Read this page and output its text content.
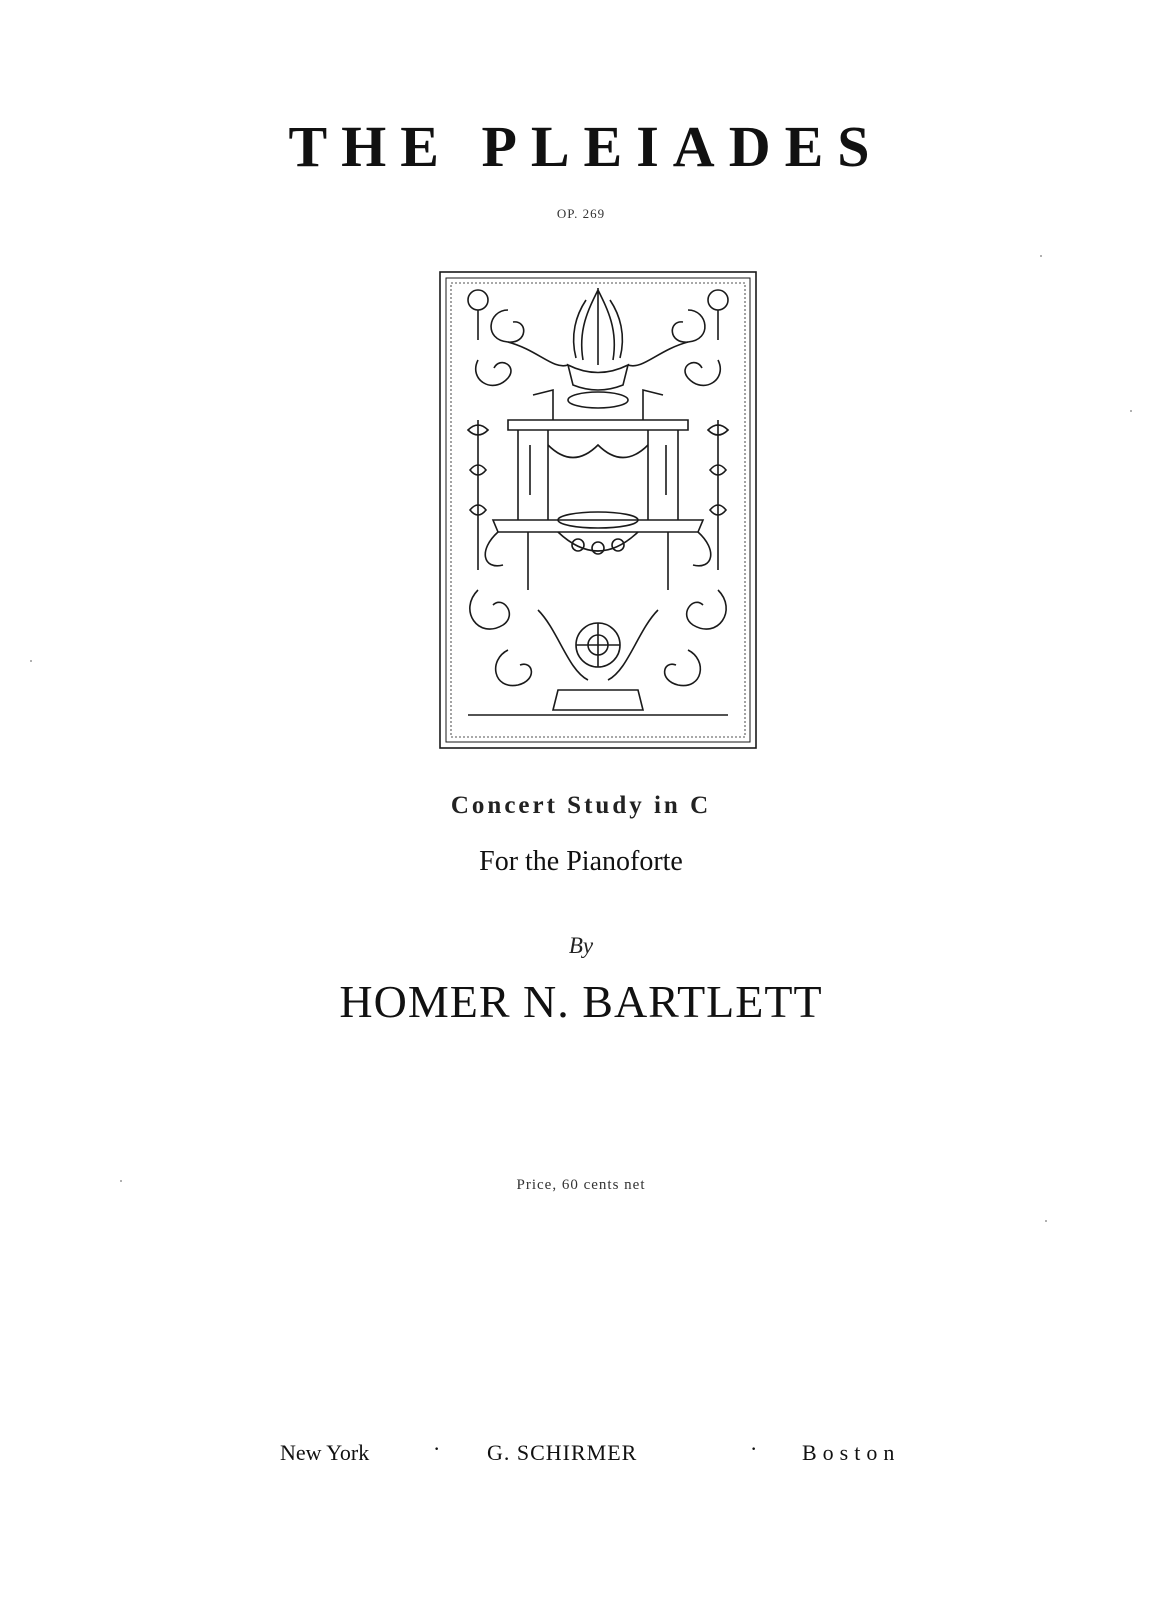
THE PLEIADES
OP. 269
Concert Study in C
For the Pianoforte
By
HOMER N. BARTLETT
Price, 60 cents net
New York	· G. SCHIRMER	· Boston
